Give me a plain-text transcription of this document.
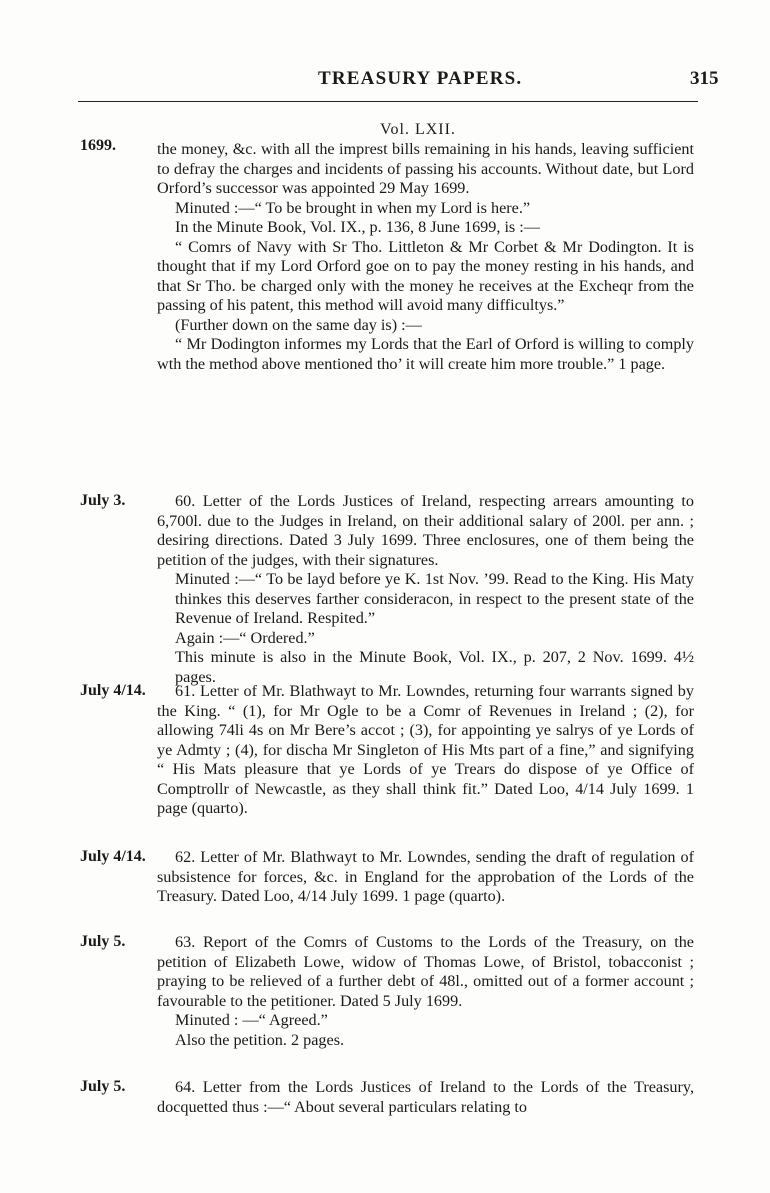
TREASURY PAPERS.	315
Vol. LXII.
1699.	the money, &c. with all the imprest bills remaining in his hands, leaving sufficient to defray the charges and incidents of passing his accounts. Without date, but Lord Orford’s successor was appointed 29 May 1699.

Minuted :—“ To be brought in when my Lord is here.”

In the Minute Book, Vol. IX., p. 136, 8 June 1699, is :—

“ Comrs of Navy with Sr Tho. Littleton & Mr Corbet & Mr Dodington. It is thought that if my Lord Orford goe on to pay the money resting in his hands, and that Sr Tho. be charged only with the money he receives at the Excheqr from the passing of his patent, this method will avoid many difficultys.”

(Further down on the same day is) :—

“ Mr Dodington informes my Lords that the Earl of Orford is willing to comply wth the method above mentioned tho’ it will create him more trouble.” 1 page.

July 3.	60. Letter of the Lords Justices of Ireland, respecting arrears amounting to 6,700l. due to the Judges in Ireland, on their additional salary of 200l. per ann. ; desiring directions. Dated 3 July 1699. Three enclosures, one of them being the petition of the judges, with their signatures.

Minuted :—“ To be layd before ye K. 1st Nov. ’99. Read to the King. His Maty thinkes this deserves farther consideracon, in respect to the present state of the Revenue of Ireland. Respited.”

Again :—“ Ordered.”

This minute is also in the Minute Book, Vol. IX., p. 207, 2 Nov. 1699. 4½ pages.

July 4/14.	61. Letter of Mr. Blathwayt to Mr. Lowndes, returning four warrants signed by the King. “ (1), for Mr Ogle to be a Comr of Revenues in Ireland ; (2), for allowing 74li 4s on Mr Bere’s accot ; (3), for appointing ye salrys of ye Lords of ye Admty ; (4), for discha Mr Singleton of His Mts part of a fine,” and signifying “ His Mats pleasure that ye Lords of ye Trears do dispose of ye Office of Comptrollr of Newcastle, as they shall think fit.” Dated Loo, 4/14 July 1699. 1 page (quarto).

July 4/14.	62. Letter of Mr. Blathwayt to Mr. Lowndes, sending the draft of regulation of subsistence for forces, &c. in England for the approbation of the Lords of the Treasury. Dated Loo, 4/14 July 1699. 1 page (quarto).

July 5.	63. Report of the Comrs of Customs to the Lords of the Treasury, on the petition of Elizabeth Lowe, widow of Thomas Lowe, of Bristol, tobacconist ; praying to be relieved of a further debt of 48l., omitted out of a former account ; favourable to the petitioner. Dated 5 July 1699.

Minuted : —“ Agreed.”

Also the petition. 2 pages.

July 5.	64. Letter from the Lords Justices of Ireland to the Lords of the Treasury, docquetted thus :—“ About several particulars relating to
